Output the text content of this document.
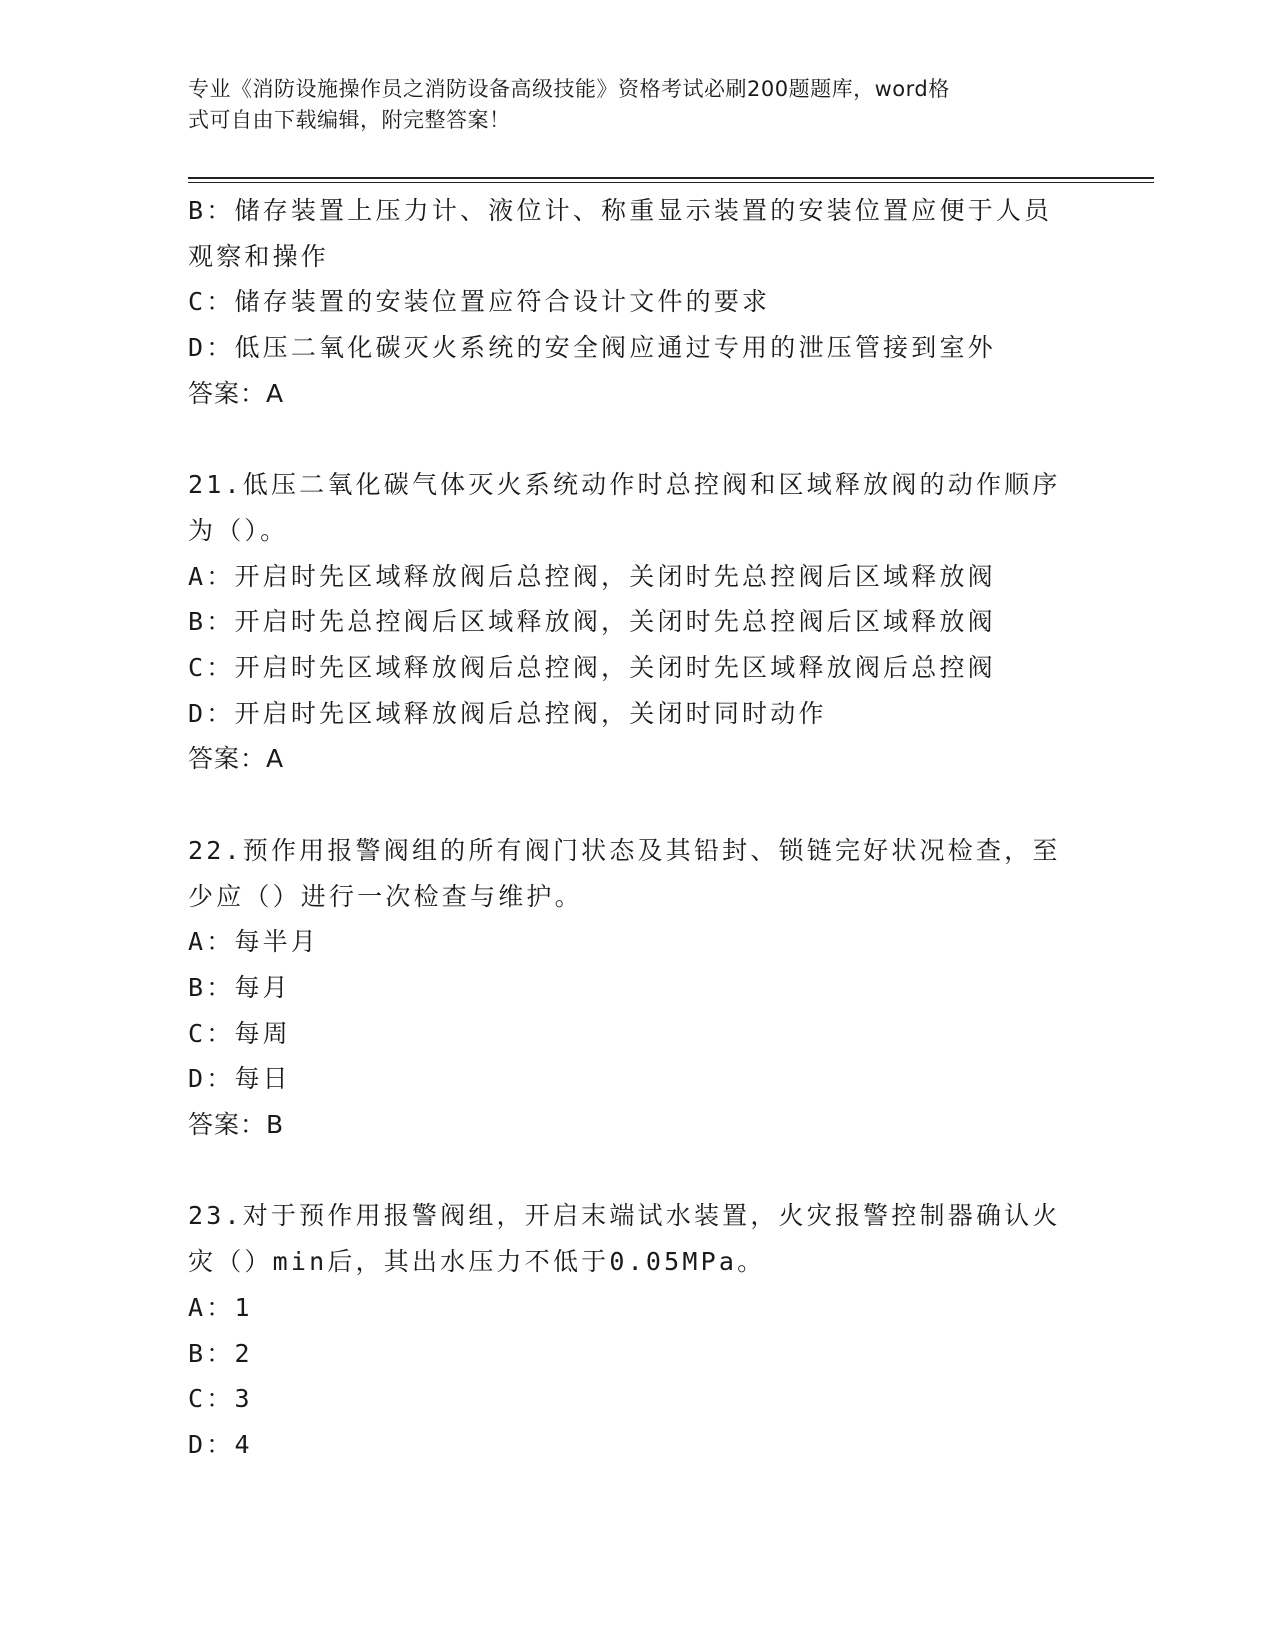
专业《消防设施操作员之消防设备高级技能》资格考试必刷200题题库，word格
式可自由下载编辑，附完整答案！
B：储存装置上压力计、液位计、称重显示装置的安装位置应便于人员
观察和操作
C：储存装置的安装位置应符合设计文件的要求
D：低压二氧化碳灭火系统的安全阀应通过专用的泄压管接到室外
答案：A
21.低压二氧化碳气体灭火系统动作时总控阀和区域释放阀的动作顺序
为（）。
A：开启时先区域释放阀后总控阀，关闭时先总控阀后区域释放阀
B：开启时先总控阀后区域释放阀，关闭时先总控阀后区域释放阀
C：开启时先区域释放阀后总控阀，关闭时先区域释放阀后总控阀
D：开启时先区域释放阀后总控阀，关闭时同时动作
答案：A
22.预作用报警阀组的所有阀门状态及其铅封、锁链完好状况检查，至
少应（）进行一次检查与维护。
A：每半月
B：每月
C：每周
D：每日
答案：B
23.对于预作用报警阀组，开启末端试水装置，火灾报警控制器确认火
灾（）min后，其出水压力不低于0.05MPa。
A：1
B：2
C：3
D：4
